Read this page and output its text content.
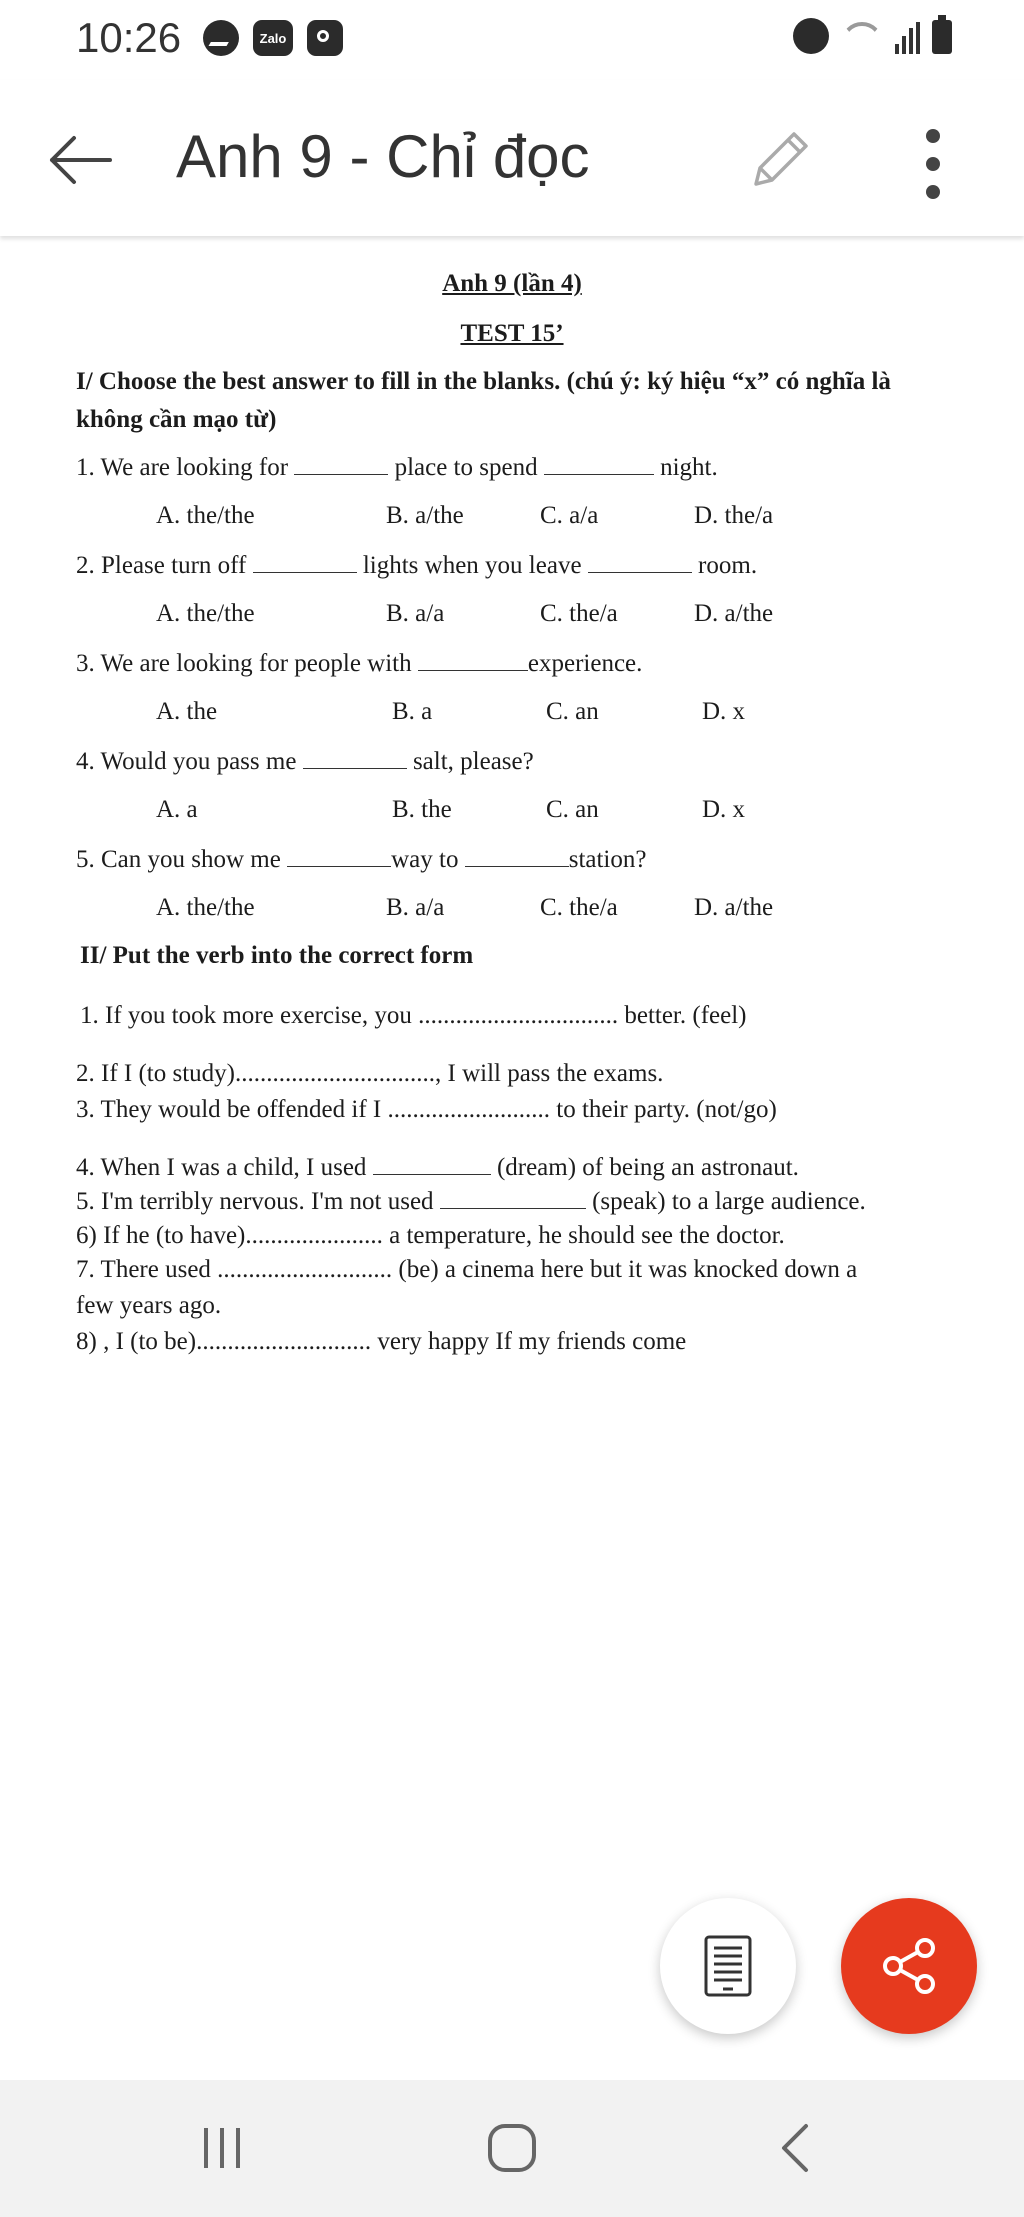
10:26	Zalo
Anh 9 - Chỉ đọc
Anh 9 (lần 4)
TEST 15’
I/ Choose the best answer to fill in the blanks. (chú ý: ký hiệu “x” có nghĩa là
không cần mạo từ)
1. We are looking for	place to spend	night.
A. the/the	B. a/the	C. a/a	D. the/a
2. Please turn off	lights when you leave	room.
A. the/the	B. a/a	C. the/a	D. a/the
3. We are looking for people with	experience.
A. the	B. a	C. an	D. x
4. Would you pass me	salt, please?
A. a	B. the	C. an	D. x
5. Can you show me	way to	station?
A. the/the	B. a/a	C. the/a	D. a/the
II/ Put the verb into the correct form
1. If you took more exercise, you ................................ better. (feel)
2. If I (to study)................................, I will pass the exams.
3. They would be offended if I .......................... to their party. (not/go)
4. When I was a child, I used	(dream) of being an astronaut.
5. I'm terribly nervous. I'm not used	(speak) to a large audience.
6) If he (to have)...................... a temperature, he should see the doctor.
7. There used ............................ (be) a cinema here but it was knocked down a
few years ago.
8) , I (to be)............................ very happy If my friends come
